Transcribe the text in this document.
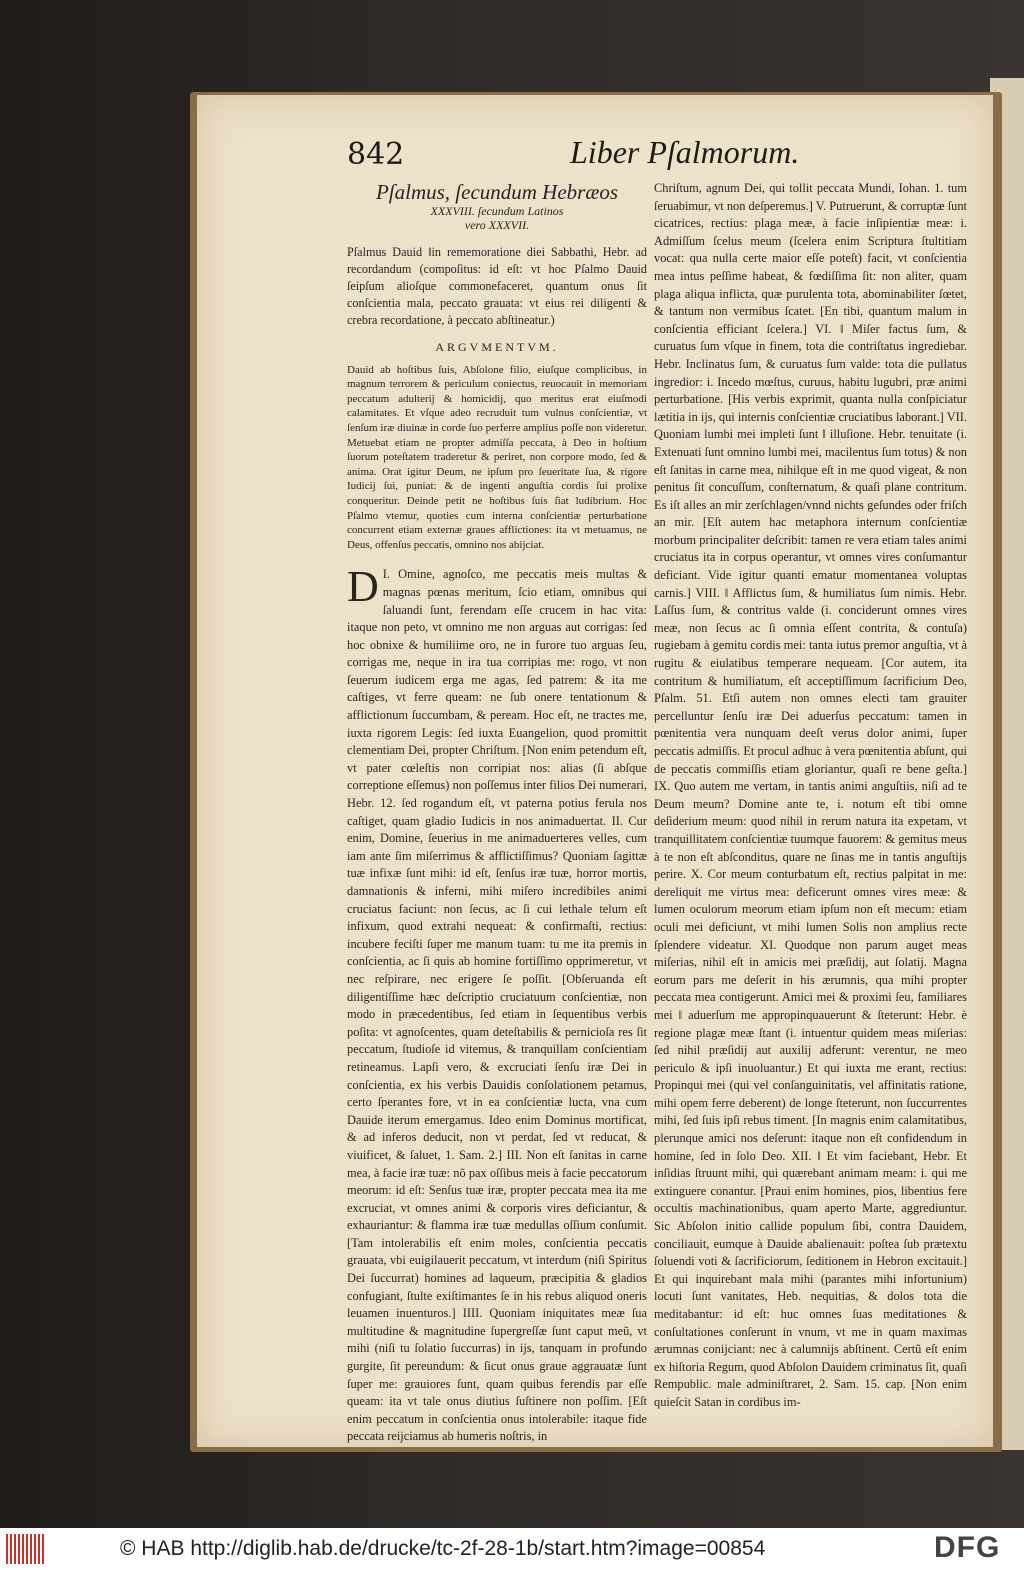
842	Liber Pſalmorum.

Pſalmus, ſecundum Hebræos

XXXVIII. ſecundum Latinos

vero XXXVII.

Pſalmus Dauid ‖in rememoratione diei Sabbathi, Hebr. ad recordandum (compoſitus: id eſt: vt hoc Pſalmo Dauid ſeipſum alioſque commonefaceret, quantum onus ſit conſcientia mala, peccato grauata: vt eius rei diligenti & crebra recordatione, à peccato abſtineatur.)

ARGVMENTVM.

Dauid ab hoſtibus ſuis, Abſolone filio, eiuſque complicibus, in magnum terrorem & periculum coniectus, reuocauit in memoriam peccatum adulterij & homicidij, quo meritus erat eiuſmodi calamitates. Et vſque adeo recruduit tum vulnus conſcientiæ, vt ſenſum iræ diuinæ in corde ſuo perferre amplius poſſe non videretur. Metuebat etiam ne propter admiſſa peccata, à Deo in hoſtium ſuorum poteſtatem traderetur & periret, non corpore modo, ſed & anima. Orat igitur Deum, ne ipſum pro ſeueritate ſua, & rigore Iudicij ſui, puniat: & de ingenti anguſtia cordis ſui prolixe conqueritur. Deinde petit ne hoſtibus ſuis ſiat ludibrium. Hoc Pſalmo vtemur, quoties cum interna conſcientiæ perturbatione concurrent etiam externæ graues afflictiones: ita vt metuamus, ne Deus, offenſus peccatis, omnino nos abijciat.

D I. Omine, agnoſco, me peccatis meis multas & magnas pœnas meritum, ſcio etiam, omnibus qui ſaluandi ſunt, ferendam eſſe crucem in hac vita: itaque non peto, vt omnino me non arguas aut corrigas: ſed hoc obnixe & humiliime oro, ne in furore tuo arguas ſeu, corrigas me, neque in ira tua corripias me: rogo, vt non ſeuerum iudicem erga me agas, ſed patrem: & ita me caſtiges, vt ferre queam: ne ſub onere tentationum & afflictionum ſuccumbam, & peream. Hoc eſt, ne tractes me, iuxta rigorem Legis: ſed iuxta Euangelion, quod promittit clementiam Dei, propter Chriſtum. [Non enim petendum eſt, vt pater cœleſtis non corripiat nos: alias (ſi abſque correptione eſſemus) non poſſemus inter filios Dei numerari, Hebr. 12. ſed rogandum eſt, vt paterna potius ferula nos caſtiget, quam gladio Iudicis in nos animaduertat. II. Cur enim, Domine, ſeuerius in me animaduerteres velles, cum iam ante ſim miſerrimus & afflictiſſimus? Quoniam ſagittæ tuæ infixæ ſunt mihi: id eſt, ſenſus iræ tuæ, horror mortis, damnationis & inferni, mihi miſero incredibiles animi cruciatus faciunt: non ſecus, ac ſi cui lethale telum eſt infixum, quod extrahi nequeat: & confirmaſti, rectius: incubere feciſti ſuper me manum tuam: tu me ita premis in conſcientia, ac ſi quis ab homine fortiſſimo opprimeretur, vt nec reſpirare, nec erigere ſe poſſit. [Obſeruanda eſt diligentiſſime hæc deſcriptio cruciatuum conſcientiæ, non modo in præcedentibus, ſed etiam in ſequentibus verbis poſita: vt agnoſcentes, quam deteſtabilis & pernicioſa res ſit peccatum, ſtudioſe id vitemus, & tranquillam conſcientiam retineamus. Lapſi vero, & excruciati ſenſu iræ Dei in conſcientia, ex his verbis Dauidis conſolationem petamus, certo ſperantes fore, vt in ea conſcientiæ lucta, vna cum Dauide iterum emergamus. Ideo enim Dominus mortificat, & ad inferos deducit, non vt perdat, ſed vt reducat, & viuificet, & ſaluet, 1. Sam. 2.] III. Non eſt ſanitas in carne mea, à facie iræ tuæ: nõ pax oſſibus meis à facie peccatorum meorum: id eſt: Senſus tuæ iræ, propter peccata mea ita me excruciat, vt omnes animi & corporis vires deficiantur, & exhauriantur: & flamma iræ tuæ medullas oſſium conſumit. [Tam intolerabilis eſt enim moles, conſcientia peccatis grauata, vbi euigilauerit peccatum, vt interdum (niſi Spiritus Dei ſuccurrat) homines ad laqueum, præcipitia & gladios confugiant, ſtulte exiſtimantes ſe in his rebus aliquod oneris leuamen inuenturos.] IIII. Quoniam iniquitates meæ ſua multitudine & magnitudine ſupergreſſæ ſunt caput meũ, vt mihi (niſi tu ſolatio ſuccurras) in ijs, tanquam in profundo gurgite, ſit pereundum: & ſicut onus graue aggrauatæ ſunt ſuper me: grauiores ſunt, quam quibus ferendis par eſſe queam: ita vt tale onus diutius ſuſtinere non poſſim. [Eſt enim peccatum in conſcientia onus intolerabile: itaque fide peccata reijciamus ab humeris noſtris, in

Chriſtum, agnum Dei, qui tollit peccata Mundi, Iohan. 1. tum ſeruabimur, vt non deſperemus.] V. Putruerunt, & corruptæ ſunt cicatrices, rectius: plaga meæ, à facie inſipientiæ meæ: i. Admiſſum ſcelus meum (ſcelera enim Scriptura ſtultitiam vocat: qua nulla certe maior eſſe poteſt) facit, vt conſcientia mea intus peſſime habeat, & fœdiſſima ſit: non aliter, quam plaga aliqua inflicta, quæ purulenta tota, abominabiliter ſœtet, & tantum non vermibus ſcatet. [En tibi, quantum malum in conſcientia efficiant ſcelera.] VI. ‖ Miſer factus ſum, & curuatus ſum vſque in finem, tota die contriſtatus ingrediebar. Hebr. Inclinatus ſum, & curuatus ſum valde: tota die pullatus ingredior: i. Incedo mœſtus, curuus, habitu lugubri, præ animi perturbatione. [His verbis exprimit, quanta nulla conſpiciatur lætitia in ijs, qui internis conſcientiæ cruciatibus laborant.] VII. Quoniam lumbi mei impleti ſunt ‖ illuſione. Hebr. tenuitate (i. Extenuati ſunt omnino lumbi mei, macilentus ſum totus) & non eſt ſanitas in carne mea, nihilque eſt in me quod vigeat, & non penitus ſit concuſſum, conſternatum, & quaſi plane contritum. Es iſt alles an mir zerſchlagen/vnnd nichts geſundes oder friſch an mir. [Eſt autem hac metaphora internum conſcientiæ morbum principaliter deſcribit: tamen re vera etiam tales animi cruciatus ita in corpus operantur, vt omnes vires conſumantur deficiant. Vide igitur quanti ematur momentanea voluptas carnis.] VIII. ‖ Afflictus ſum, & humiliatus ſum nimis. Hebr. Laſſus ſum, & contritus valde (i. conciderunt omnes vires meæ, non ſecus ac ſi omnia eſſent contrita, & contuſa) rugiebam à gemitu cordis mei: tanta iutus premor anguſtia, vt à rugitu & eiulatibus temperare nequeam. [Cor autem, ita contritum & humiliatum, eſt acceptiſſimum ſacrificium Deo, Pſalm. 51. Etſi autem non omnes electi tam grauiter percelluntur ſenſu iræ Dei aduerſus peccatum: tamen in pœnitentia vera nunquam deeſt verus dolor animi, ſuper peccatis admiſſis. Et procul adhuc à vera pœnitentia abſunt, qui de peccatis commiſſis etiam gloriantur, quaſi re bene geſta.] IX. Quo autem me vertam, in tantis animi anguſtiis, niſi ad te Deum meum? Domine ante te, i. notum eſt tibi omne deſiderium meum: quod nihil in rerum natura ita expetam, vt tranquillitatem conſcientiæ tuumque fauorem: & gemitus meus à te non eſt abſconditus, quare ne ſinas me in tantis anguſtijs perire. X. Cor meum conturbatum eſt, rectius palpitat in me: dereliquit me virtus mea: deficerunt omnes vires meæ: & lumen oculorum meorum etiam ipſum non eſt mecum: etiam oculi mei deficiunt, vt mihi lumen Solis non amplius recte ſplendere videatur. XI. Quodque non parum auget meas miſerias, nihil eſt in amicis mei præſidij, aut ſolatij. Magna eorum pars me deſerit in his ærumnis, qua mihi propter peccata mea contigerunt. Amici mei & proximi ſeu, familiares mei ‖ aduerſum me appropinquauerunt & ſteterunt: Hebr. è regione plagæ meæ ſtant (i. intuentur quidem meas miſerias: ſed nihil præſidij aut auxilij adferunt: verentur, ne meo periculo & ipſi inuoluantur.) Et qui iuxta me erant, rectius: Propinqui mei (qui vel conſanguinitatis, vel affinitatis ratione, mihi opem ferre deberent) de longe ſteterunt, non ſuccurrentes mihi, ſed ſuis ipſi rebus timent. [In magnis enim calamitatibus, plerunque amici nos deſerunt: itaque non eſt confidendum in homine, ſed in ſolo Deo. XII. ‖ Et vim faciebant, Hebr. Et inſidias ſtruunt mihi, qui quærebant animam meam: i. qui me extinguere conantur. [Praui enim homines, pios, libentius fere occultis machinationibus, quam aperto Marte, aggrediuntur. Sic Abſolon initio callide populum ſibi, contra Dauidem, conciliauit, eumque à Dauide abalienauit: poſtea ſub prætextu ſoluendi voti & ſacrificiorum, ſeditionem in Hebron excitauit.] Et qui inquirebant mala mihi (parantes mihi infortunium) locuti ſunt vanitates, Heb. nequitias, & dolos tota die meditabantur: id eſt: huc omnes ſuas meditationes & conſultationes conſerunt in vnum, vt me in quam maximas ærumnas conijciant: nec à calumnijs abſtinent. Certũ eſt enim ex hiſtoria Regum, quod Abſolon Dauidem criminatus ſit, quaſi Rempublic. male adminiſtraret, 2. Sam. 15. cap. [Non enim quieſcit Satan in cordibus im-

© HAB http://diglib.hab.de/drucke/tc-2f-28-1b/start.htm?image=00854	DFG
